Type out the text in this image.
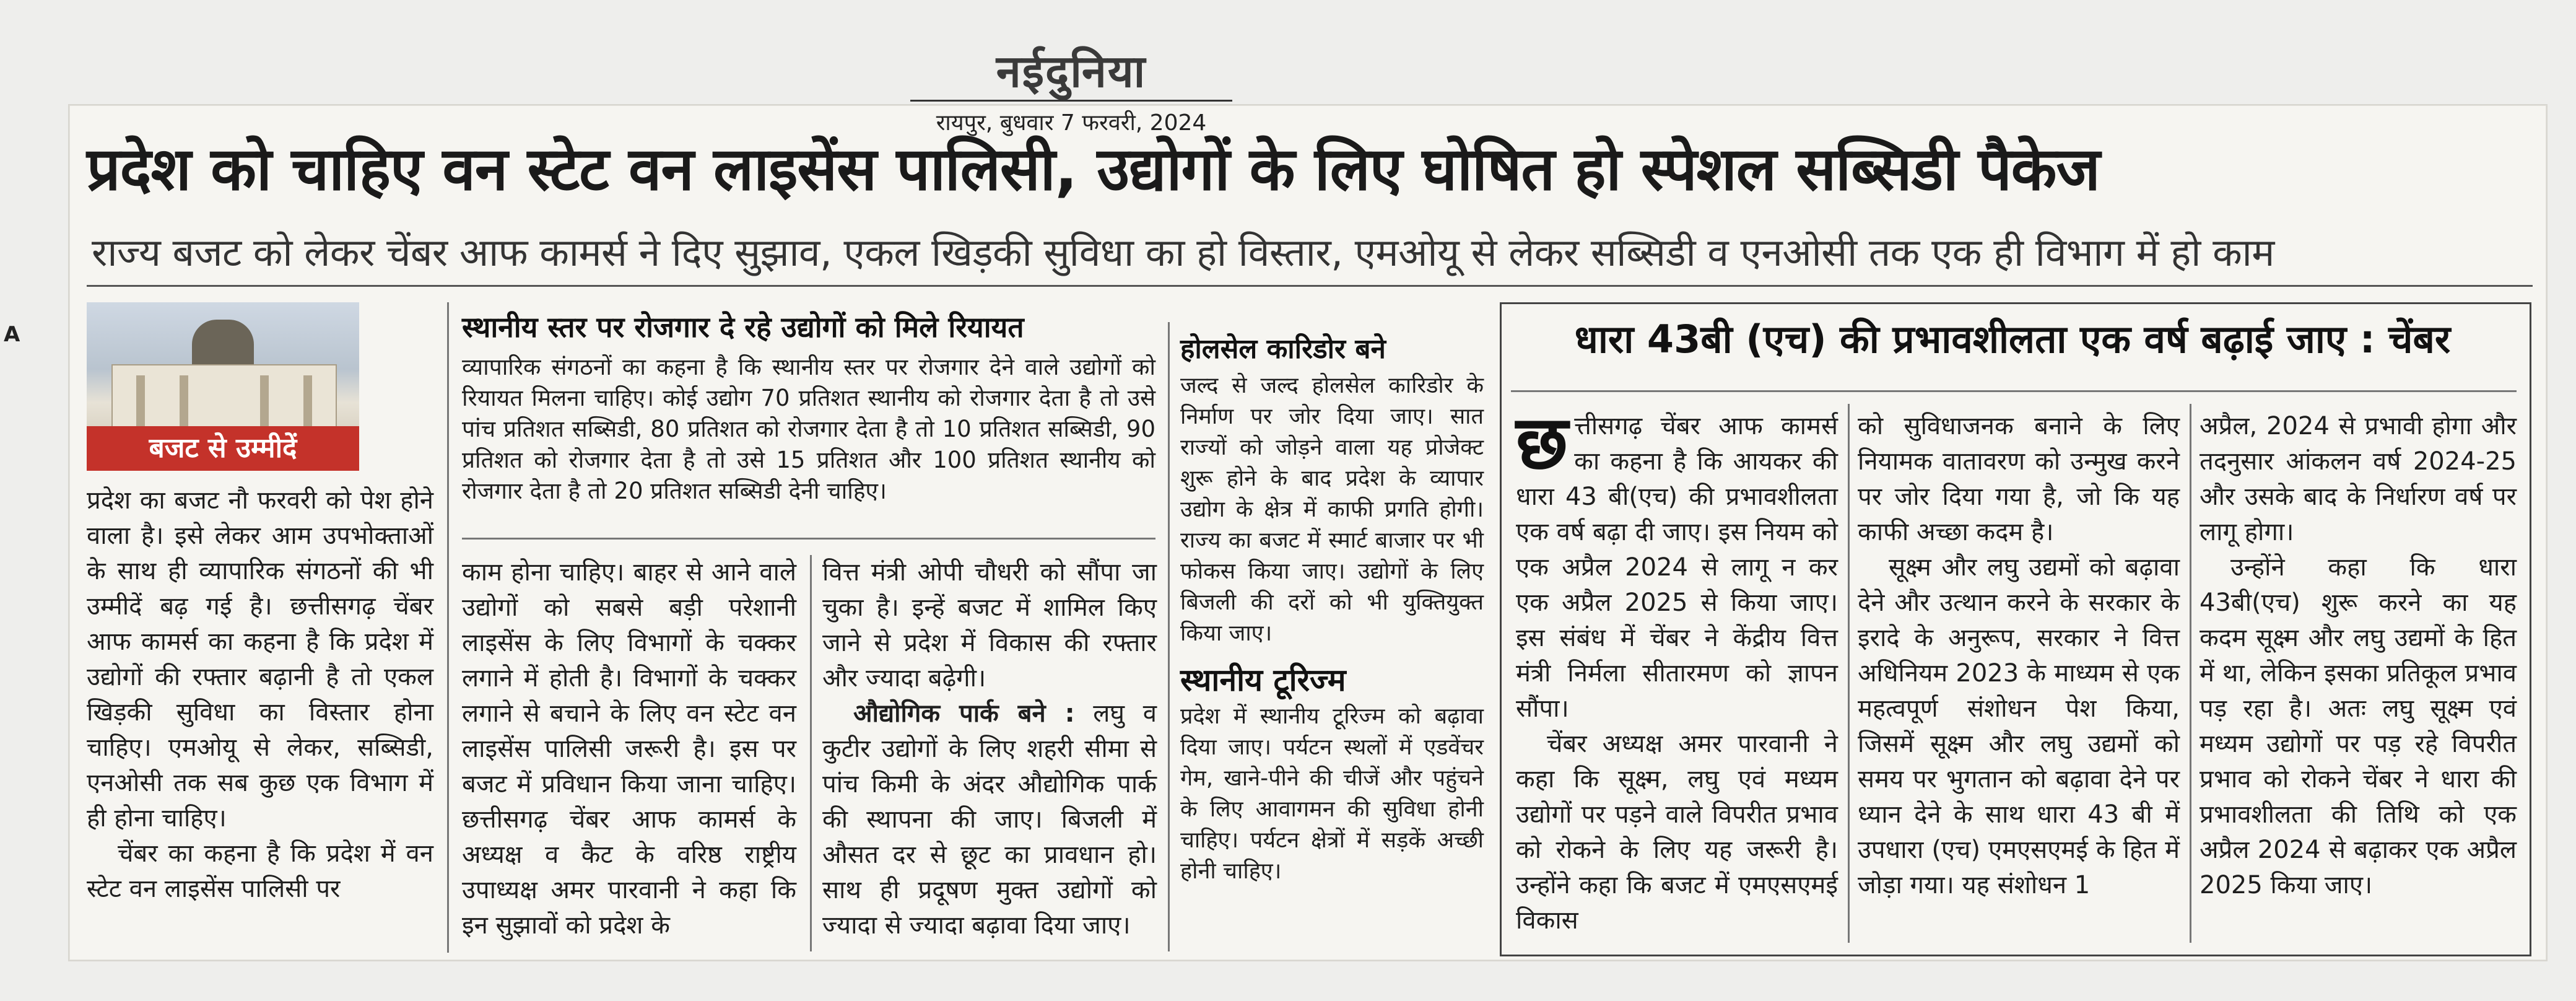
A
नईदुनिया
रायपुर, बुधवार 7 फरवरी, 2024
प्रदेश को चाहिए वन स्टेट वन लाइसेंस पालिसी, उद्योगों के लिए घोषित हो स्पेशल सब्सिडी पैकेज
राज्य बजट को लेकर चेंबर आफ कामर्स ने दिए सुझाव, एकल खिड़की सुविधा का हो विस्तार, एमओयू से लेकर सब्सिडी व एनओसी तक एक ही विभाग में हो काम
बजट से उम्मीदें
प्रदेश का बजट नौ फरवरी को पेश होने वाला है। इसे लेकर आम उपभोक्ताओं के साथ ही व्यापारिक संगठनों की भी उम्मीदें बढ़ गई है। छत्तीसगढ़ चेंबर आफ कामर्स का कहना है कि प्रदेश में उद्योगों की रफ्तार बढ़ानी है तो एकल खिड़की सुविधा का विस्तार होना चाहिए। एमओयू से लेकर, सब्सिडी, एनओसी तक सब कुछ एक विभाग में ही होना चाहिए।
चेंबर का कहना है कि प्रदेश में वन स्टेट वन लाइसेंस पालिसी पर
स्थानीय स्तर पर रोजगार दे रहे उद्योगों को मिले रियायत
व्यापारिक संगठनों का कहना है कि स्थानीय स्तर पर रोजगार देने वाले उद्योगों को रियायत मिलना चाहिए। कोई उद्योग 70 प्रतिशत स्थानीय को रोजगार देता है तो उसे पांच प्रतिशत सब्सिडी, 80 प्रतिशत को रोजगार देता है तो 10 प्रतिशत सब्सिडी, 90 प्रतिशत को रोजगार देता है तो उसे 15 प्रतिशत और 100 प्रतिशत स्थानीय को रोजगार देता है तो 20 प्रतिशत सब्सिडी देनी चाहिए।
काम होना चाहिए। बाहर से आने वाले उद्योगों को सबसे बड़ी परेशानी लाइसेंस के लिए विभागों के चक्कर लगाने में होती है। विभागों के चक्कर लगाने से बचाने के लिए वन स्टेट वन लाइसेंस पालिसी जरूरी है। इस पर बजट में प्रविधान किया जाना चाहिए। छत्तीसगढ़ चेंबर आफ कामर्स के अध्यक्ष व कैट के वरिष्ठ राष्ट्रीय उपाध्यक्ष अमर पारवानी ने कहा कि इन सुझावों को प्रदेश के
वित्त मंत्री ओपी चौधरी को सौंपा जा चुका है। इन्हें बजट में शामिल किए जाने से प्रदेश में विकास की रफ्तार और ज्यादा बढ़ेगी।
औद्योगिक पार्क बने : लघु व कुटीर उद्योगों के लिए शहरी सीमा से पांच किमी के अंदर औद्योगिक पार्क की स्थापना की जाए। बिजली में औसत दर से छूट का प्रावधान हो। साथ ही प्रदूषण मुक्त उद्योगों को ज्यादा से ज्यादा बढ़ावा दिया जाए।
होलसेल कारिडोर बने
जल्द से जल्द होलसेल कारिडोर के निर्माण पर जोर दिया जाए। सात राज्यों को जोड़ने वाला यह प्रोजेक्ट शुरू होने के बाद प्रदेश के व्यापार उद्योग के क्षेत्र में काफी प्रगति होगी। राज्य का बजट में स्मार्ट बाजार पर भी फोकस किया जाए। उद्योगों के लिए बिजली की दरों को भी युक्तियुक्त किया जाए।
स्थानीय टूरिज्म
प्रदेश में स्थानीय टूरिज्म को बढ़ावा दिया जाए। पर्यटन स्थलों में एडवेंचर गेम, खाने-पीने की चीजें और पहुंचने के लिए आवागमन की सुविधा होनी चाहिए। पर्यटन क्षेत्रों में सड़कें अच्छी होनी चाहिए।
धारा 43बी (एच) की प्रभावशीलता एक वर्ष बढ़ाई जाए : चेंबर
छत्तीसगढ़ चेंबर आफ कामर्स का कहना है कि आयकर की धारा 43 बी(एच) की प्रभावशीलता एक वर्ष बढ़ा दी जाए। इस नियम को एक अप्रैल 2024 से लागू न कर एक अप्रैल 2025 से किया जाए। इस संबंध में चेंबर ने केंद्रीय वित्त मंत्री निर्मला सीतारमण को ज्ञापन सौंपा।
चेंबर अध्यक्ष अमर पारवानी ने कहा कि सूक्ष्म, लघु एवं मध्यम उद्योगों पर पड़ने वाले विपरीत प्रभाव को रोकने के लिए यह जरूरी है। उन्होंने कहा कि बजट में एमएसएमई विकास
को सुविधाजनक बनाने के लिए नियामक वातावरण को उन्मुख करने पर जोर दिया गया है, जो कि यह काफी अच्छा कदम है।
सूक्ष्म और लघु उद्यमों को बढ़ावा देने और उत्थान करने के सरकार के इरादे के अनुरूप, सरकार ने वित्त अधिनियम 2023 के माध्यम से एक महत्वपूर्ण संशोधन पेश किया, जिसमें सूक्ष्म और लघु उद्यमों को समय पर भुगतान को बढ़ावा देने पर ध्यान देने के साथ धारा 43 बी में उपधारा (एच) एमएसएमई के हित में जोड़ा गया। यह संशोधन 1
अप्रैल, 2024 से प्रभावी होगा और तदनुसार आंकलन वर्ष 2024-25 और उसके बाद के निर्धारण वर्ष पर लागू होगा।
उन्होंने कहा कि धारा 43बी(एच) शुरू करने का यह कदम सूक्ष्म और लघु उद्यमों के हित में था, लेकिन इसका प्रतिकूल प्रभाव पड़ रहा है। अतः लघु सूक्ष्म एवं मध्यम उद्योगों पर पड़ रहे विपरीत प्रभाव को रोकने चेंबर ने धारा की प्रभावशीलता की तिथि को एक अप्रैल 2024 से बढ़ाकर एक अप्रैल 2025 किया जाए।
